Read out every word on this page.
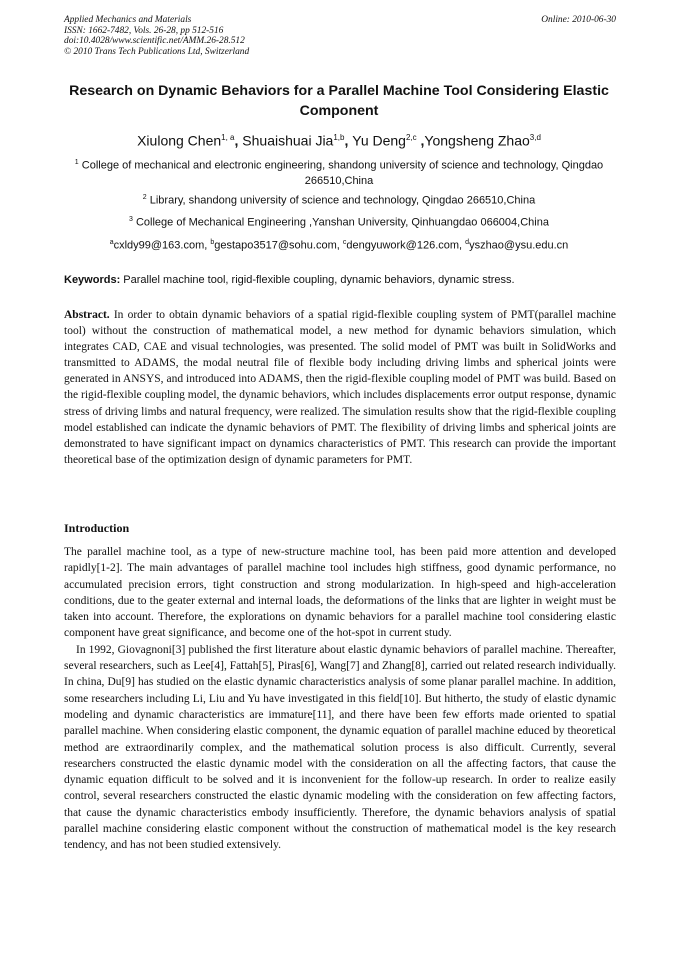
Applied Mechanics and Materials
ISSN: 1662-7482, Vols. 26-28, pp 512-516
doi:10.4028/www.scientific.net/AMM.26-28.512
© 2010 Trans Tech Publications Ltd, Switzerland
Online: 2010-06-30
Research on Dynamic Behaviors for a Parallel Machine Tool Considering Elastic Component
Xiulong Chen$^{1, a}$, Shuaishuai Jia$^{1,b}$, Yu Deng$^{2,c}$ ,Yongsheng Zhao$^{3,d}$
$^1$ College of mechanical and electronic engineering, shandong university of science and technology, Qingdao 266510,China
$^2$ Library, shandong university of science and technology, Qingdao 266510,China
$^3$ College of Mechanical Engineering ,Yanshan University, Qinhuangdao 066004,China
$^a$cxldy99@163.com, $^b$gestapo3517@sohu.com, $^c$dengyuwork@126.com, $^d$yszhao@ysu.edu.cn
Keywords: Parallel machine tool, rigid-flexible coupling, dynamic behaviors, dynamic stress.
Abstract. In order to obtain dynamic behaviors of a spatial rigid-flexible coupling system of PMT(parallel machine tool) without the construction of mathematical model, a new method for dynamic behaviors simulation, which integrates CAD, CAE and visual technologies, was presented. The solid model of PMT was built in SolidWorks and transmitted to ADAMS, the modal neutral file of flexible body including driving limbs and spherical joints were generated in ANSYS, and introduced into ADAMS, then the rigid-flexible coupling model of PMT was build. Based on the rigid-flexible coupling model, the dynamic behaviors, which includes displacements error output response, dynamic stress of driving limbs and natural frequency, were realized. The simulation results show that the rigid-flexible coupling model established can indicate the dynamic behaviors of PMT. The flexibility of driving limbs and spherical joints are demonstrated to have significant impact on dynamics characteristics of PMT. This research can provide the important theoretical base of the optimization design of dynamic parameters for PMT.
Introduction

The parallel machine tool, as a type of new-structure machine tool, has been paid more attention and developed rapidly[1-2]. The main advantages of parallel machine tool includes high stiffness, good dynamic performance, no accumulated precision errors, tight construction and strong modularization. In high-speed and high-acceleration conditions, due to the geater external and internal loads, the deformations of the links that are lighter in weight must be taken into account. Therefore, the explorations on dynamic behaviors for a parallel machine tool considering elastic component have great significance, and become one of the hot-spot in current study.

In 1992, Giovagnoni[3] published the first literature about elastic dynamic behaviors of parallel machine. Thereafter, several researchers, such as Lee[4], Fattah[5], Piras[6], Wang[7] and Zhang[8], carried out related research individually. In china, Du[9] has studied on the elastic dynamic characteristics analysis of some planar parallel machine. In addition, some researchers including Li, Liu and Yu have investigated in this field[10]. But hitherto, the study of elastic dynamic modeling and dynamic characteristics are immature[11], and there have been few efforts made oriented to spatial parallel machine. When considering elastic component, the dynamic equation of parallel machine educed by theoretical method are extraordinarily complex, and the mathematical solution process is also difficult. Currently, several researchers constructed the elastic dynamic model with the consideration on all the affecting factors, that cause the dynamic equation difficult to be solved and it is inconvenient for the follow-up research. In order to realize easily control, several researchers constructed the elastic dynamic modeling with the consideration on few affecting factors, that cause the dynamic characteristics embody insufficiently. Therefore, the dynamic behaviors analysis of spatial parallel machine considering elastic component without the construction of mathematical model is the key research tendency, and has not been studied extensively.
